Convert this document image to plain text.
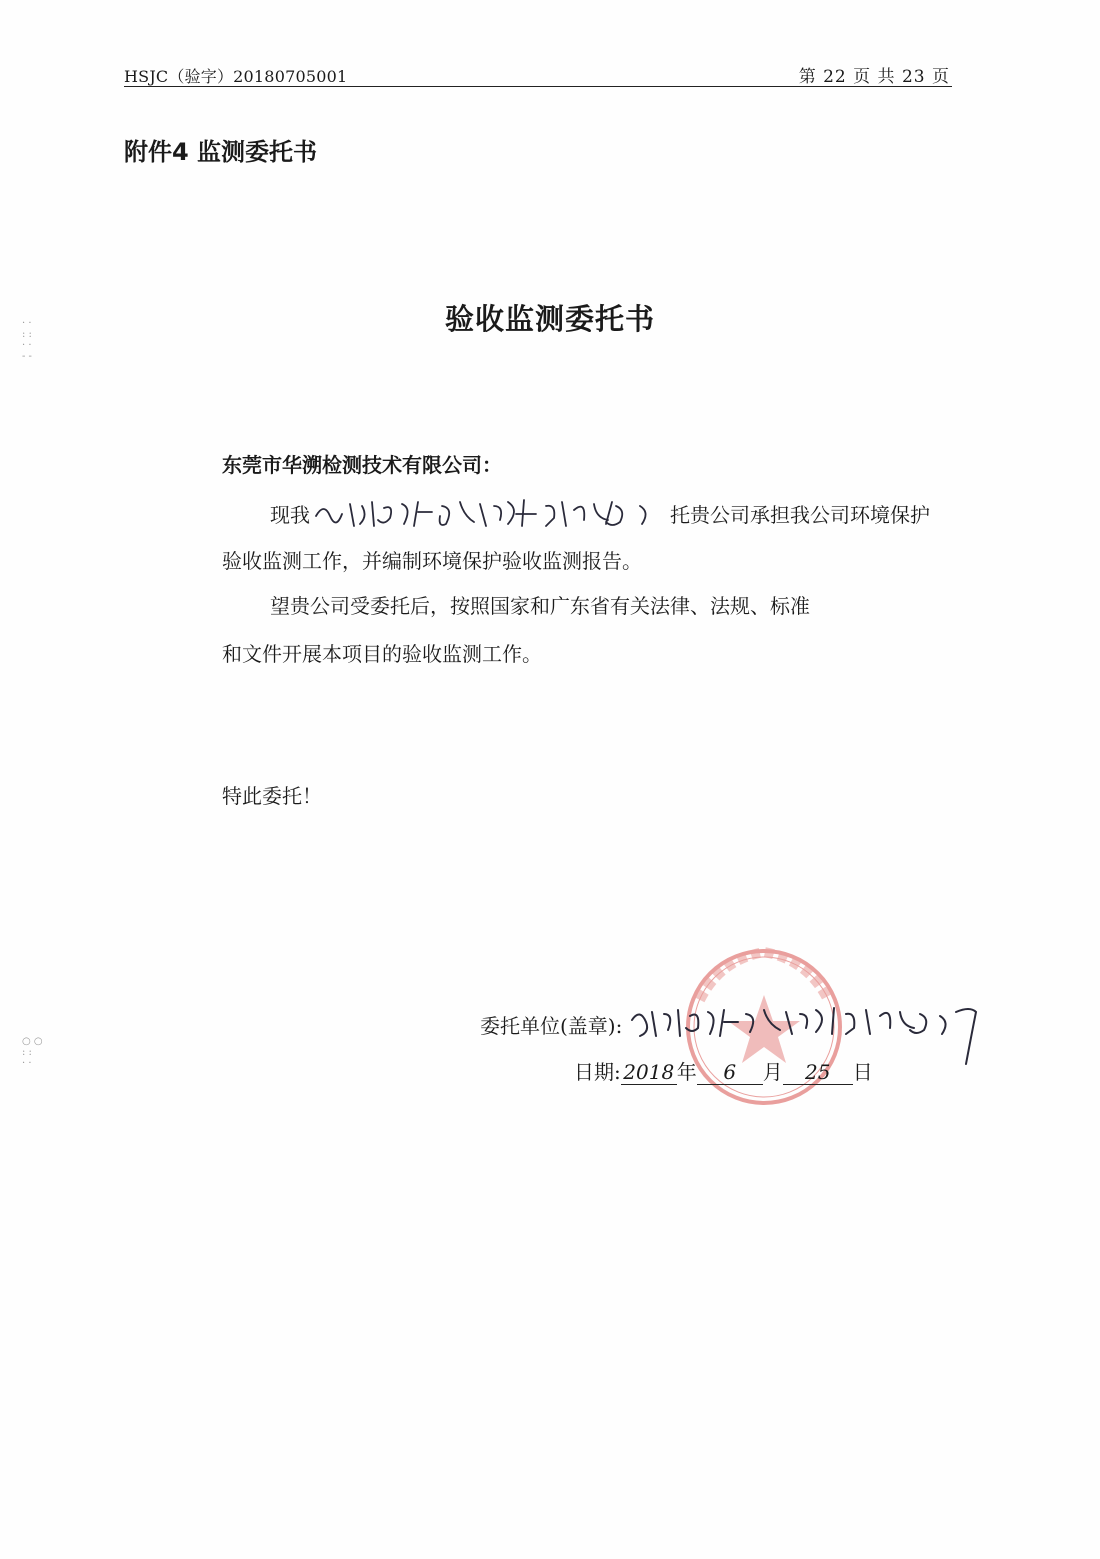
HSJC（验字）20180705001	第 22 页 共 23 页
附件4 监测委托书
验收监测委托书
东莞市华溯检测技术有限公司：
现我	托贵公司承担我公司环境保护
验收监测工作，并编制环境保护验收监测报告。
望贵公司受委托后，按照国家和广东省有关法律、法规、标准
和文件开展本项目的验收监测工作。
特此委托！
委托单位(盖章):
日期: 2018 年 6 月 25 日
· ·
: :
· ·
- -
○ ○
: :
· ·
